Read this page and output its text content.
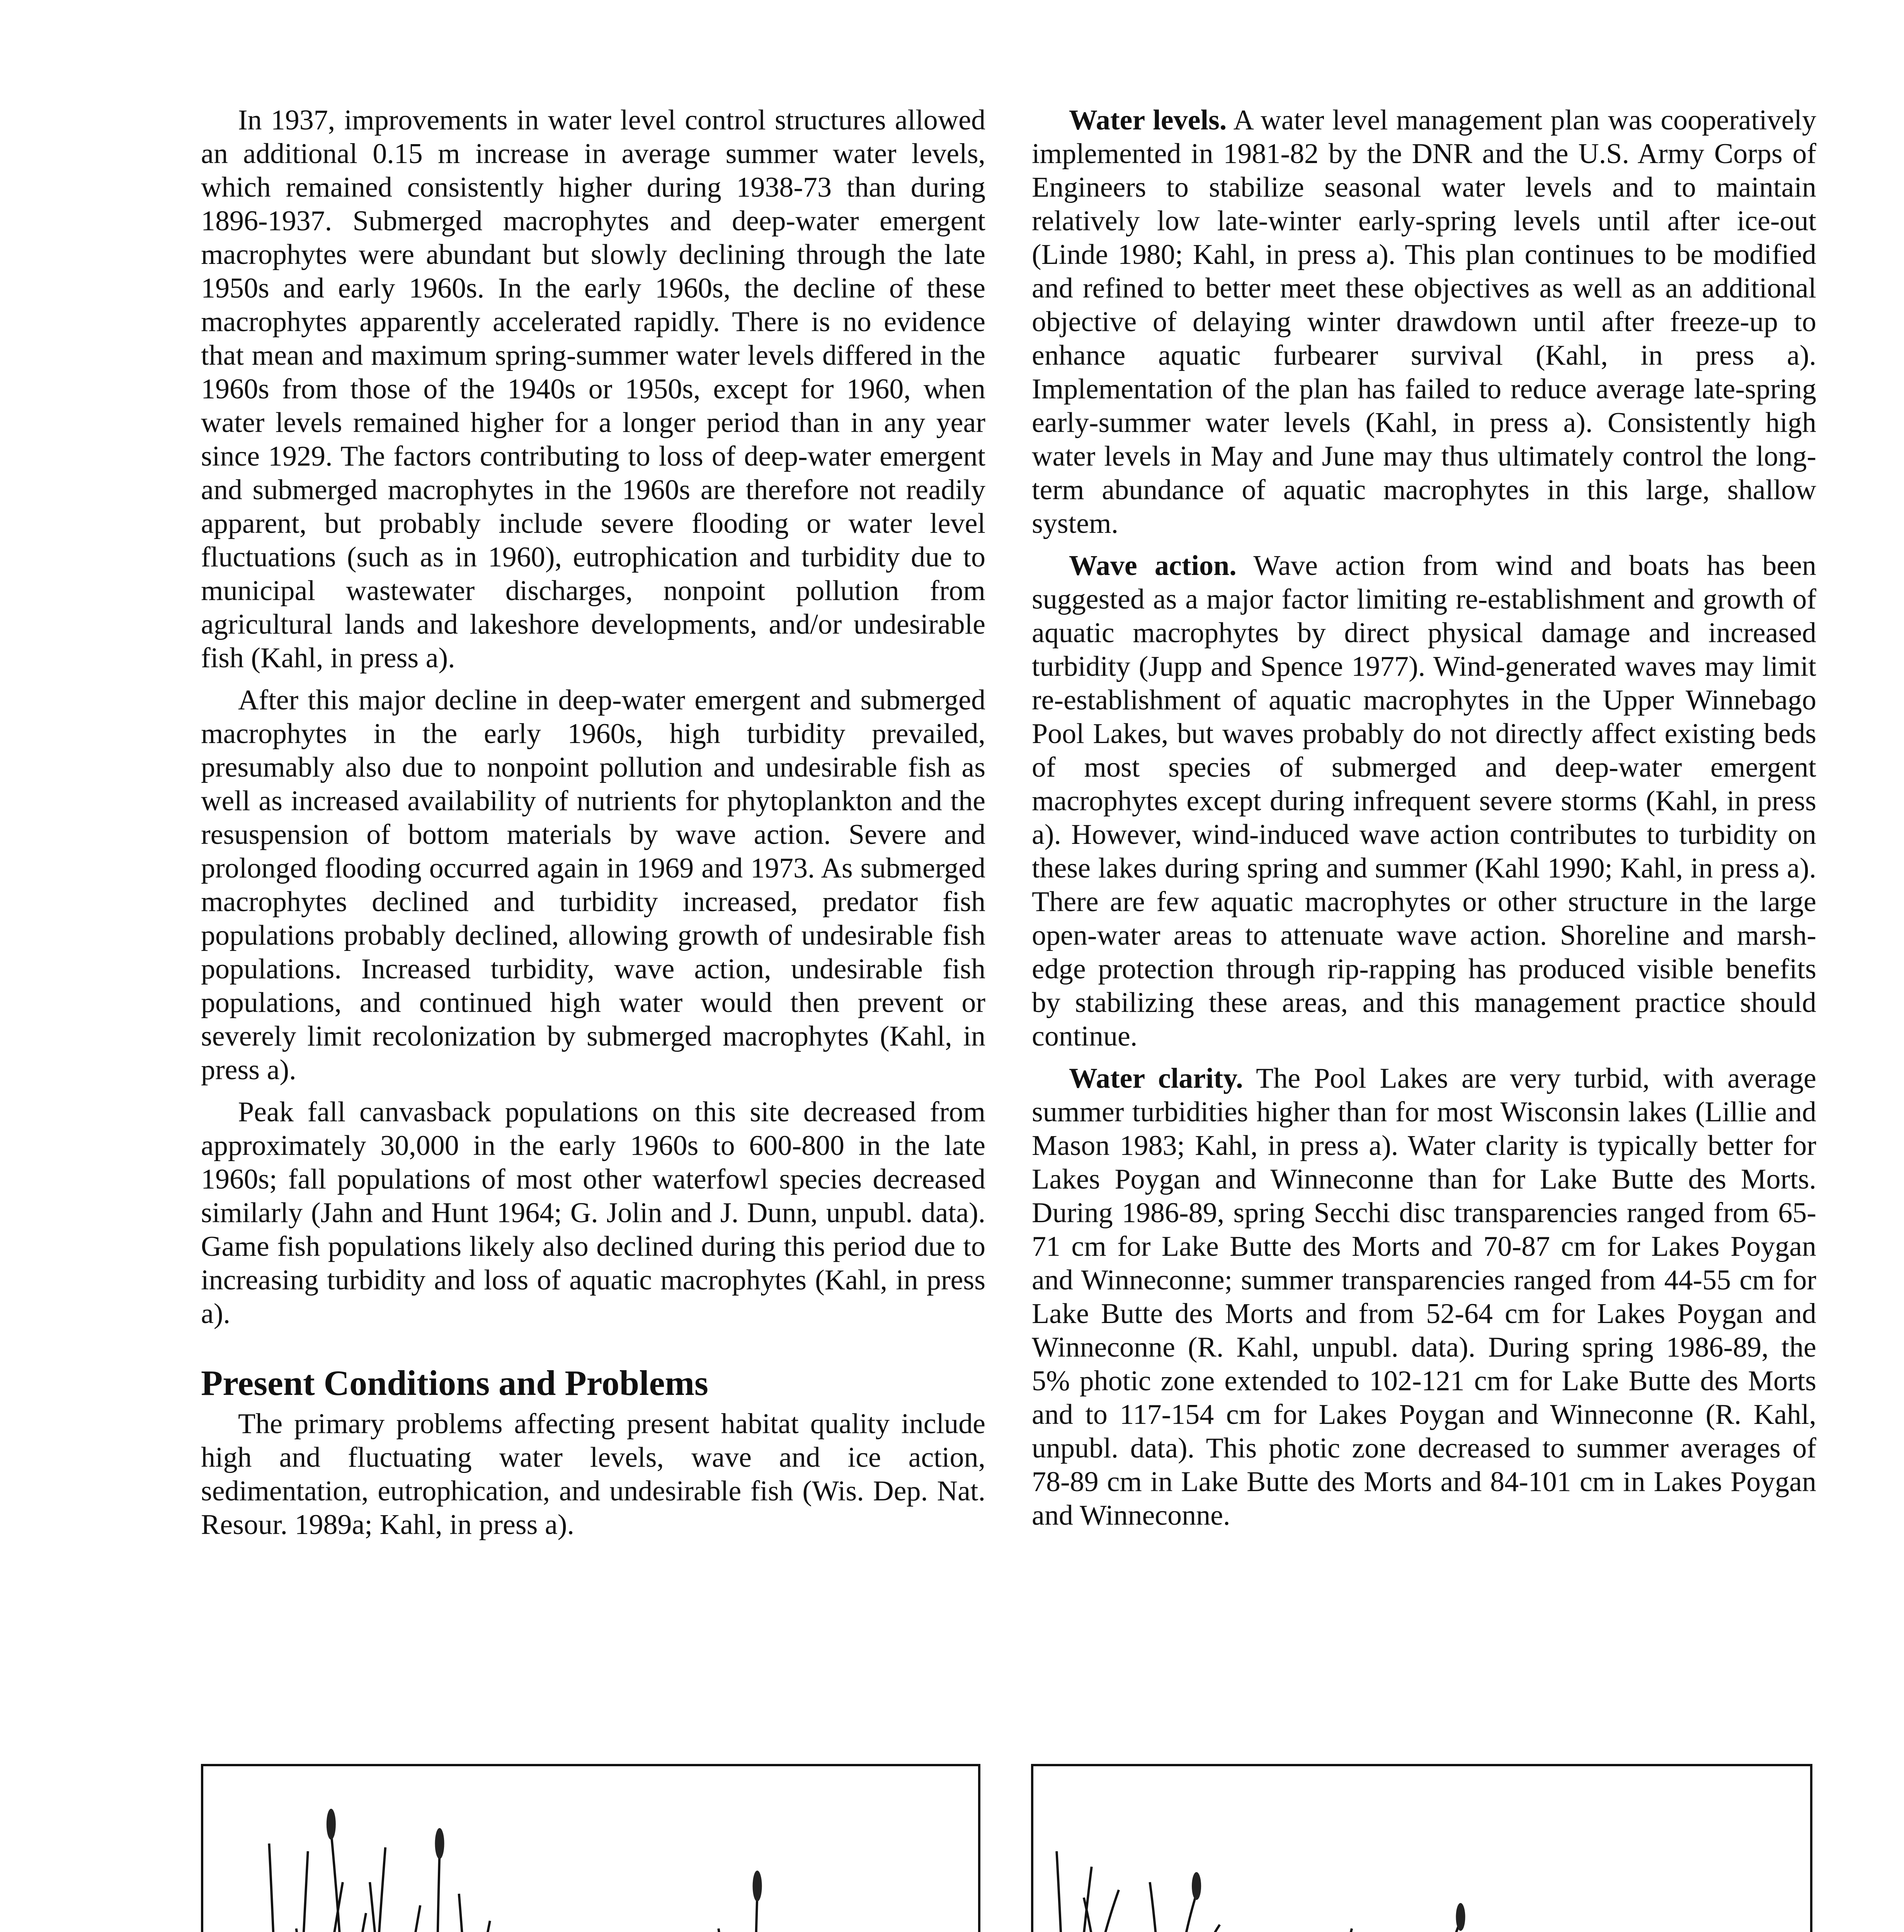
In 1937, improvements in water level control structures allowed an additional 0.15 m increase in average summer water levels, which remained consistently higher during 1938-73 than during 1896-1937. Submerged macrophytes and deep-water emergent macrophytes were abundant but slowly declining through the late 1950s and early 1960s. In the early 1960s, the decline of these macrophytes apparently accelerated rapidly. There is no evidence that mean and maximum spring-summer water levels differed in the 1960s from those of the 1940s or 1950s, except for 1960, when water levels remained higher for a longer period than in any year since 1929. The factors contributing to loss of deep-water emergent and submerged macrophytes in the 1960s are therefore not readily apparent, but probably include severe flooding or water level fluctuations (such as in 1960), eutrophication and turbidity due to municipal wastewater discharges, nonpoint pollution from agricultural lands and lakeshore developments, and/or undesirable fish (Kahl, in press a).

After this major decline in deep-water emergent and submerged macrophytes in the early 1960s, high turbidity prevailed, presumably also due to nonpoint pollution and undesirable fish as well as increased availability of nutrients for phytoplankton and the resuspension of bottom materials by wave action. Severe and prolonged flooding occurred again in 1969 and 1973. As submerged macrophytes declined and turbidity increased, predator fish populations probably declined, allowing growth of undesirable fish populations. Increased turbidity, wave action, undesirable fish populations, and continued high water would then prevent or severely limit recolonization by submerged macrophytes (Kahl, in press a).

Peak fall canvasback populations on this site decreased from approximately 30,000 in the early 1960s to 600-800 in the late 1960s; fall populations of most other waterfowl species decreased similarly (Jahn and Hunt 1964; G. Jolin and J. Dunn, unpubl. data). Game fish populations likely also declined during this period due to increasing turbidity and loss of aquatic macrophytes (Kahl, in press a).

Present Conditions and Problems

The primary problems affecting present habitat quality include high and fluctuating water levels, wave and ice action, sedimentation, eutrophication, and undesirable fish (Wis. Dep. Nat. Resour. 1989a; Kahl, in press a).

Water levels. A water level management plan was cooperatively implemented in 1981-82 by the DNR and the U.S. Army Corps of Engineers to stabilize seasonal water levels and to maintain relatively low late-winter early-spring levels until after ice-out (Linde 1980; Kahl, in press a). This plan continues to be modified and refined to better meet these objectives as well as an additional objective of delaying winter drawdown until after freeze-up to enhance aquatic furbearer survival (Kahl, in press a). Implementation of the plan has failed to reduce average late-spring early-summer water levels (Kahl, in press a). Consistently high water levels in May and June may thus ultimately control the long-term abundance of aquatic macrophytes in this large, shallow system.

Wave action. Wave action from wind and boats has been suggested as a major factor limiting re-establishment and growth of aquatic macrophytes by direct physical damage and increased turbidity (Jupp and Spence 1977). Wind-generated waves may limit re-establishment of aquatic macrophytes in the Upper Winnebago Pool Lakes, but waves probably do not directly affect existing beds of most species of submerged and deep-water emergent macrophytes except during infrequent severe storms (Kahl, in press a). However, wind-induced wave action contributes to turbidity on these lakes during spring and summer (Kahl 1990; Kahl, in press a). There are few aquatic macrophytes or other structure in the large open-water areas to attenuate wave action. Shoreline and marsh-edge protection through rip-rapping has produced visible benefits by stabilizing these areas, and this management practice should continue.

Water clarity. The Pool Lakes are very turbid, with average summer turbidities higher than for most Wisconsin lakes (Lillie and Mason 1983; Kahl, in press a). Water clarity is typically better for Lakes Poygan and Winneconne than for Lake Butte des Morts. During 1986-89, spring Secchi disc transparencies ranged from 65-71 cm for Lake Butte des Morts and 70-87 cm for Lakes Poygan and Winneconne; summer transparencies ranged from 44-55 cm for Lake Butte des Morts and from 52-64 cm for Lakes Poygan and Winneconne (R. Kahl, unpubl. data). During spring 1986-89, the 5% photic zone extended to 102-121 cm for Lake Butte des Morts and to 117-154 cm for Lakes Poygan and Winneconne (R. Kahl, unpubl. data). This photic zone decreased to summer averages of 78-89 cm in Lake Butte des Morts and 84-101 cm in Lakes Poygan and Winneconne.
